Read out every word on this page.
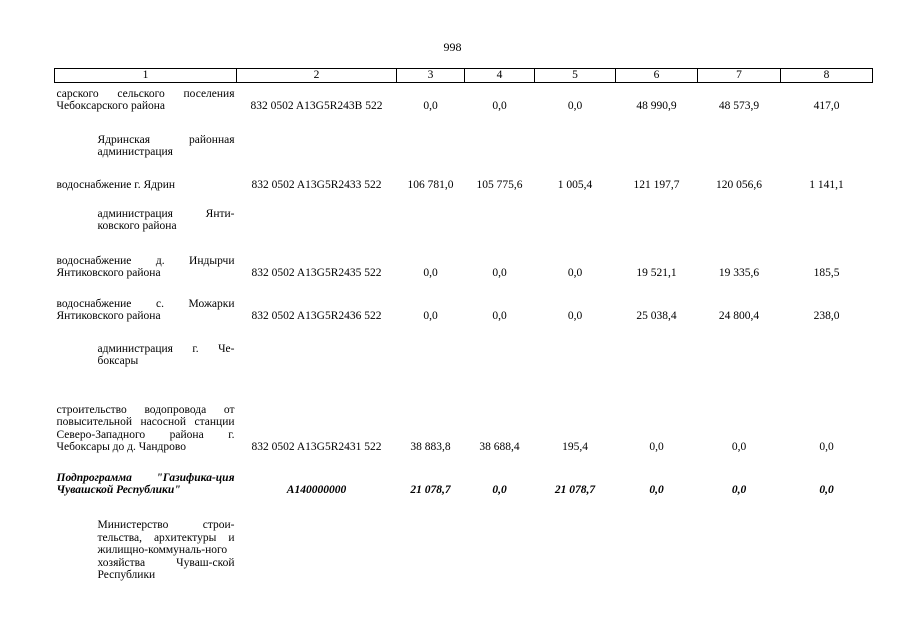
998
1	2	3	4	5	6	7	8
сарского сельского поселения Чебоксарского района	832 0502 A13G5R243B 522	0,0	0,0	0,0	48 990,9	48 573,9	417,0
Ядринская районная администрация							
водоснабжение г. Ядрин	832 0502 A13G5R2433 522	106 781,0	105 775,6	1 005,4	121 197,7	120 056,6	1 141,1
администрация Янти-ковского района							
водоснабжение д. Индырчи Янтиковского района	832 0502 A13G5R2435 522	0,0	0,0	0,0	19 521,1	19 335,6	185,5
водоснабжение с. Можарки Янтиковского района	832 0502 A13G5R2436 522	0,0	0,0	0,0	25 038,4	24 800,4	238,0
администрация г. Че-боксары							
строительство водопровода от повысительной насосной станции Северо-Западного района г. Чебоксары до д. Чандрово	832 0502 A13G5R2431 522	38 883,8	38 688,4	195,4	0,0	0,0	0,0
Подпрограмма "Газифика-ция Чувашской Республики"	A140000000	21 078,7	0,0	21 078,7	0,0	0,0	0,0
Министерство строи-тельства, архитектуры и жилищно-коммуналь-ного хозяйства Чуваш-ской Республики							
